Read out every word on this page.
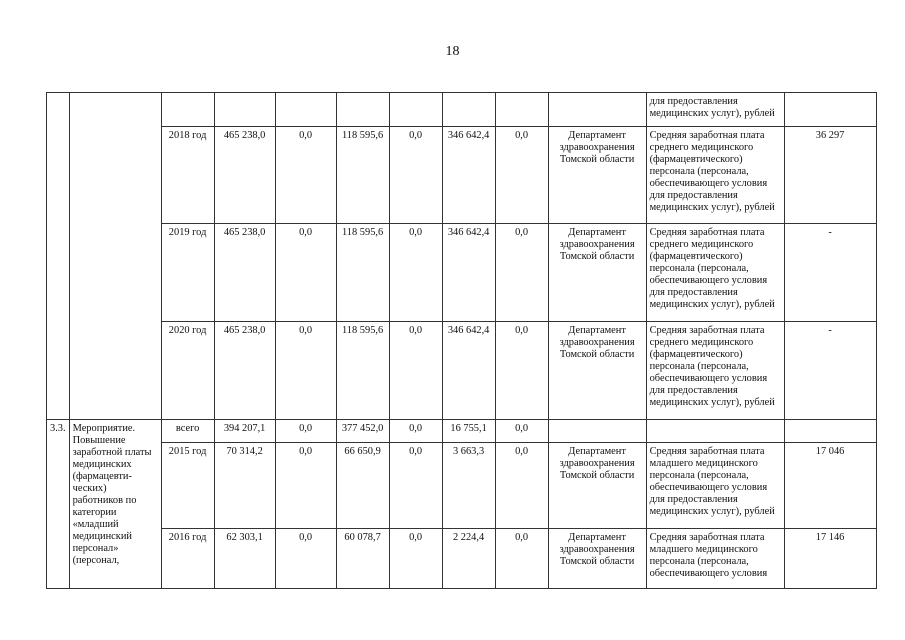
18
										для предоставления медицинских услуг), рублей	
		2018 год	465 238,0	0,0	118 595,6	0,0	346 642,4	0,0	Департамент здравоохранения Томской области	Средняя заработная плата среднего медицинского (фармацевтического) персонала (персонала, обеспечивающего условия для предоставления медицинских услуг), рублей	36 297
		2019 год	465 238,0	0,0	118 595,6	0,0	346 642,4	0,0	Департамент здравоохранения Томской области	Средняя заработная плата среднего медицинского (фармацевтического) персонала (персонала, обеспечивающего условия для предоставления медицинских услуг), рублей	-
		2020 год	465 238,0	0,0	118 595,6	0,0	346 642,4	0,0	Департамент здравоохранения Томской области	Средняя заработная плата среднего медицинского (фармацевтического) персонала (персонала, обеспечивающего условия для предоставления медицинских услуг), рублей	-
3.3.	Мероприятие. Повышение заработной платы медицинских (фармацевти-ческих) работников по категории «младший медицинский персонал» (персонал,	всего	394 207,1	0,0	377 452,0	0,0	16 755,1	0,0			
		2015 год	70 314,2	0,0	66 650,9	0,0	3 663,3	0,0	Департамент здравоохранения Томской области	Средняя заработная плата младшего медицинского персонала (персонала, обеспечивающего условия для предоставления медицинских услуг), рублей	17 046
		2016 год	62 303,1	0,0	60 078,7	0,0	2 224,4	0,0	Департамент здравоохранения Томской области	Средняя заработная плата младшего медицинского персонала (персонала, обеспечивающего условия	17 146
